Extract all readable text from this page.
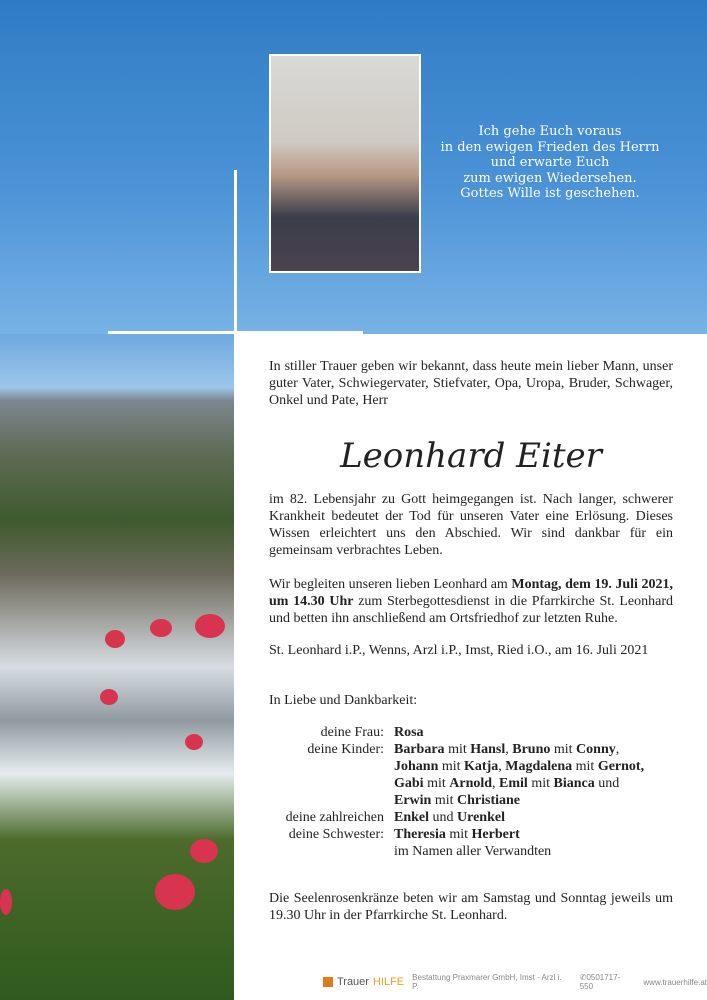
Ich gehe Euch voraus
in den ewigen Frieden des Herrn
und erwarte Euch
zum ewigen Wiedersehen.
Gottes Wille ist geschehen.
In stiller Trauer geben wir bekannt, dass heute mein lieber Mann, unser guter Vater, Schwiegervater, Stiefvater, Opa, Uropa, Bruder, Schwager, Onkel und Pate, Herr
Leonhard Eiter
im 82. Lebensjahr zu Gott heimgegangen ist. Nach langer, schwerer Krankheit bedeutet der Tod für unseren Vater eine Erlösung. Dieses Wissen erleichtert uns den Abschied. Wir sind dankbar für ein gemeinsam verbrachtes Leben.
Wir begleiten unseren lieben Leonhard am Montag, dem 19. Juli 2021, um 14.30 Uhr zum Sterbegottesdienst in die Pfarrkirche St. Leonhard und betten ihn anschließend am Ortsfriedhof zur letzten Ruhe.
St. Leonhard i.P., Wenns, Arzl i.P., Imst, Ried i.O., am 16. Juli 2021
In Liebe und Dankbarkeit:
deine Frau: Rosa
deine Kinder: Barbara mit Hansl, Bruno mit Conny,
Johann mit Katja, Magdalena mit Gernot,
Gabi mit Arnold, Emil mit Bianca und
Erwin mit Christiane
deine zahlreichen Enkel und Urenkel
deine Schwester: Theresia mit Herbert
im Namen aller Verwandten
Die Seelenrosenkränze beten wir am Samstag und Sonntag jeweils um 19.30 Uhr in der Pfarrkirche St. Leonhard.
Trauer HILFE Bestattung Praxmarer GmbH, Imst - Arzl i. P.
✆0501717-550	www.trauerhilfe.at
